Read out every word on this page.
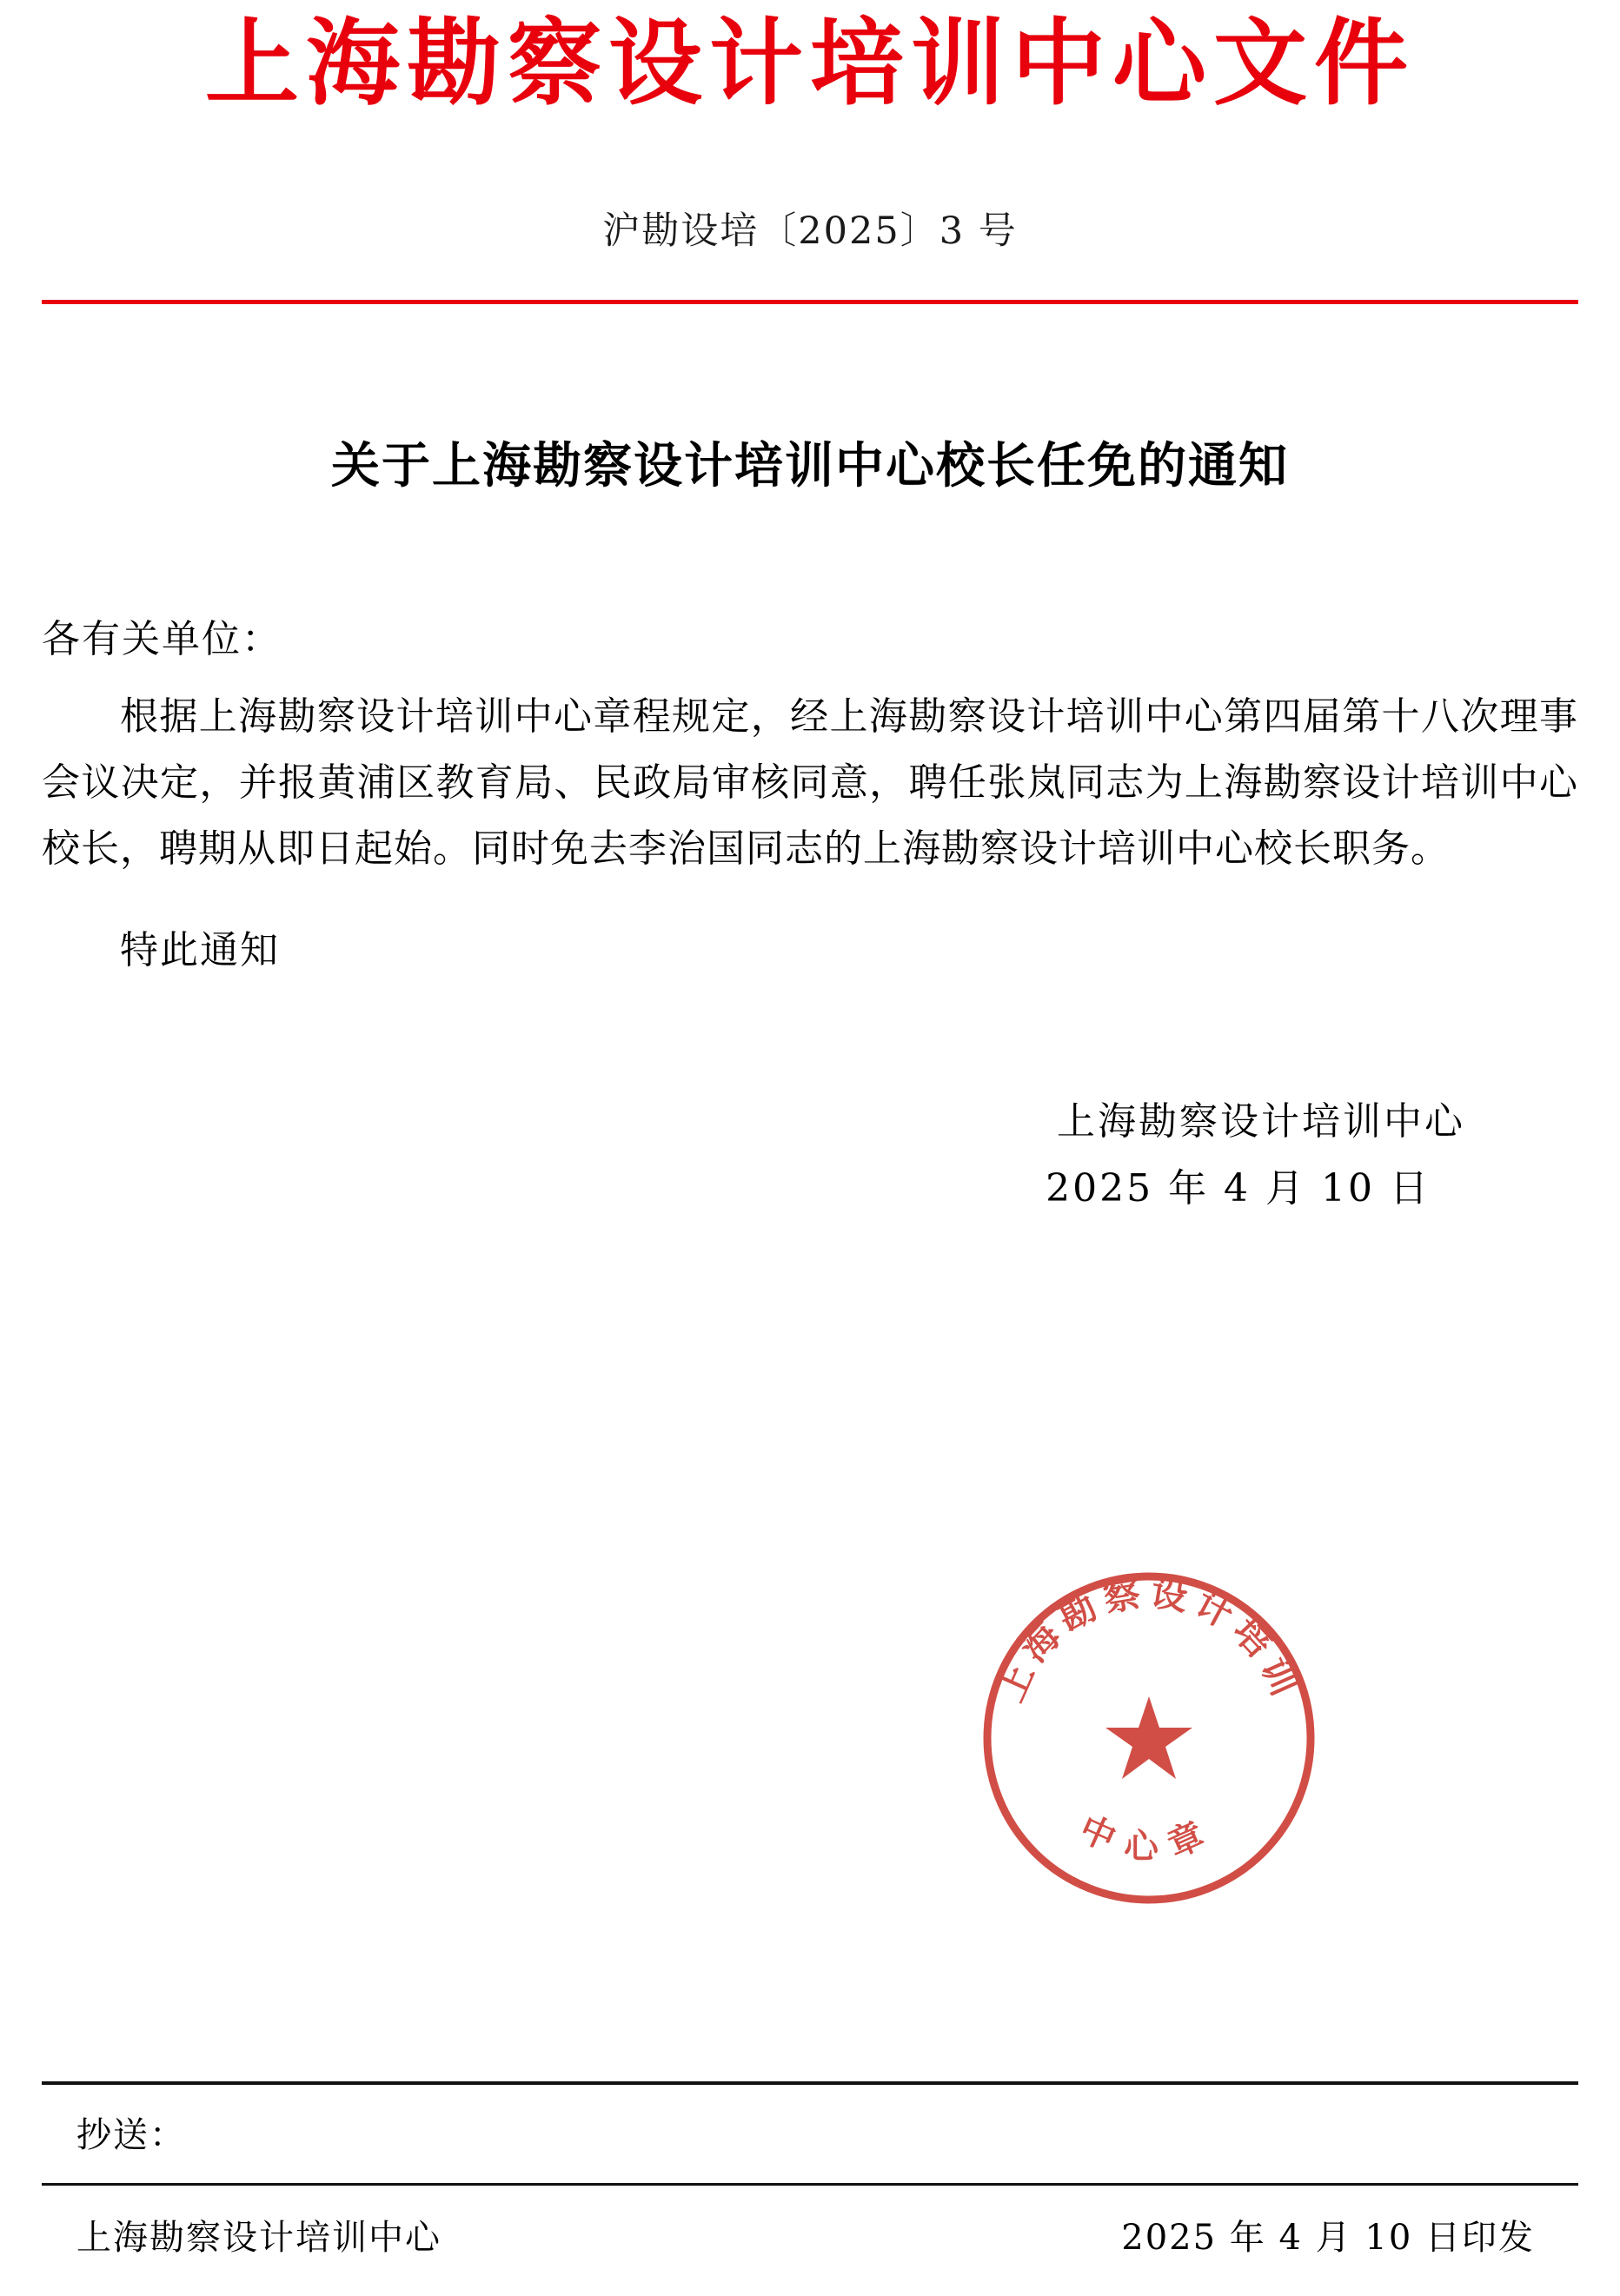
上海勘察设计培训中心文件
沪勘设培〔2025〕3 号
关于上海勘察设计培训中心校长任免的通知
各有关单位：
根据上海勘察设计培训中心章程规定，经上海勘察设计培训中心第四届第十八次理事会议决定，并报黄浦区教育局、民政局审核同意，聘任张岚同志为上海勘察设计培训中心校长，聘期从即日起始。同时免去李治国同志的上海勘察设计培训中心校长职务。
特此通知
上海勘察设计培训中心
2025 年 4 月 10 日
上海勘察设计培训
中心章
抄送：
上海勘察设计培训中心	2025 年 4 月 10 日印发
